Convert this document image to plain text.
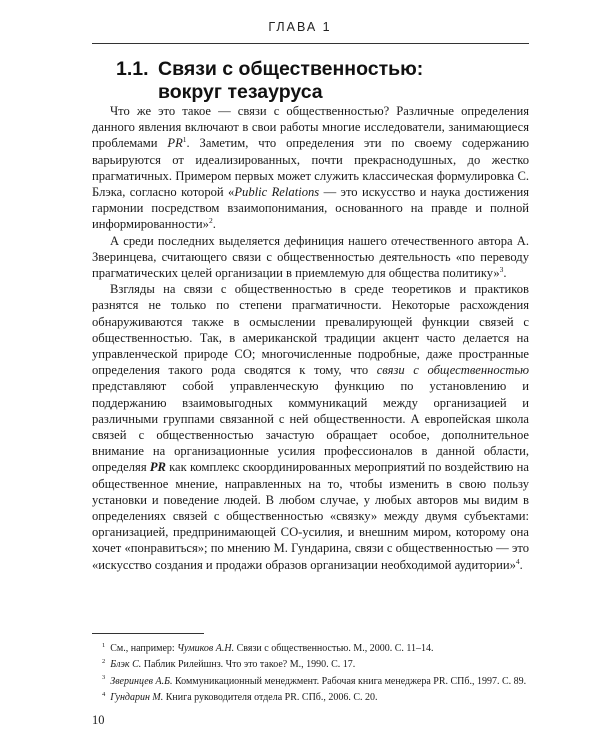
ГЛАВА 1
1.1. Связи с общественностью:
вокруг тезауруса

Что же это такое — связи с общественностью? Различные определения данного явления включают в свои работы многие исследователи, занимающиеся проблемами $PR^1$. Заметим, что определения эти по своему содержанию варьируются от идеализированных, почти прекраснодушных, до жестко прагматичных. Примером первых может служить классическая формулировка С. Блэка, согласно которой «Public Relations — это искусство и наука достижения гармонии посредством взаимопонимания, основанного на правде и полной информированности»$^2$.

А среди последних выделяется дефиниция нашего отечественного автора А. Зверинцева, считающего связи с общественностью деятельность «по переводу прагматических целей организации в приемлемую для общества политику»$^3$.

Взгляды на связи с общественностью в среде теоретиков и практиков разнятся не только по степени прагматичности. Некоторые расхождения обнаруживаются также в осмыслении превалирующей функции связей с общественностью. Так, в американской традиции акцент часто делается на управленческой природе СО; многочисленные подробные, даже пространные определения такого рода сводятся к тому, что связи с общественностью представляют собой управленческую функцию по установлению и поддержанию взаимовыгодных коммуникаций между организацией и различными группами связанной с ней общественности. А европейская школа связей с общественностью зачастую обращает особое, дополнительное внимание на организационные усилия профессионалов в данной области, определяя PR как комплекс скоординированных мероприятий по воздействию на общественное мнение, направленных на то, чтобы изменить в свою пользу установки и поведение людей. В любом случае, у любых авторов мы видим в определениях связей с общественностью «связку» между двумя субъектами: организацией, предпринимающей СО-усилия, и внешним миром, которому она хочет «понравиться»; по мнению М. Гундарина, связи с общественностью — это «искусство создания и продажи образов организации необходимой аудитории»$^4$.

$^1$ См., например: Чумиков А.Н. Связи с общественностью. М., 2000. С. 11–14.
$^2$ Блэк С. Паблик Рилейшнз. Что это такое? М., 1990. С. 17.
$^3$ Зверинцев А.Б. Коммуникационный менеджмент. Рабочая книга менеджера PR. СПб., 1997. С. 89.
$^4$ Гундарин М. Книга руководителя отдела PR. СПб., 2006. С. 20.
10
